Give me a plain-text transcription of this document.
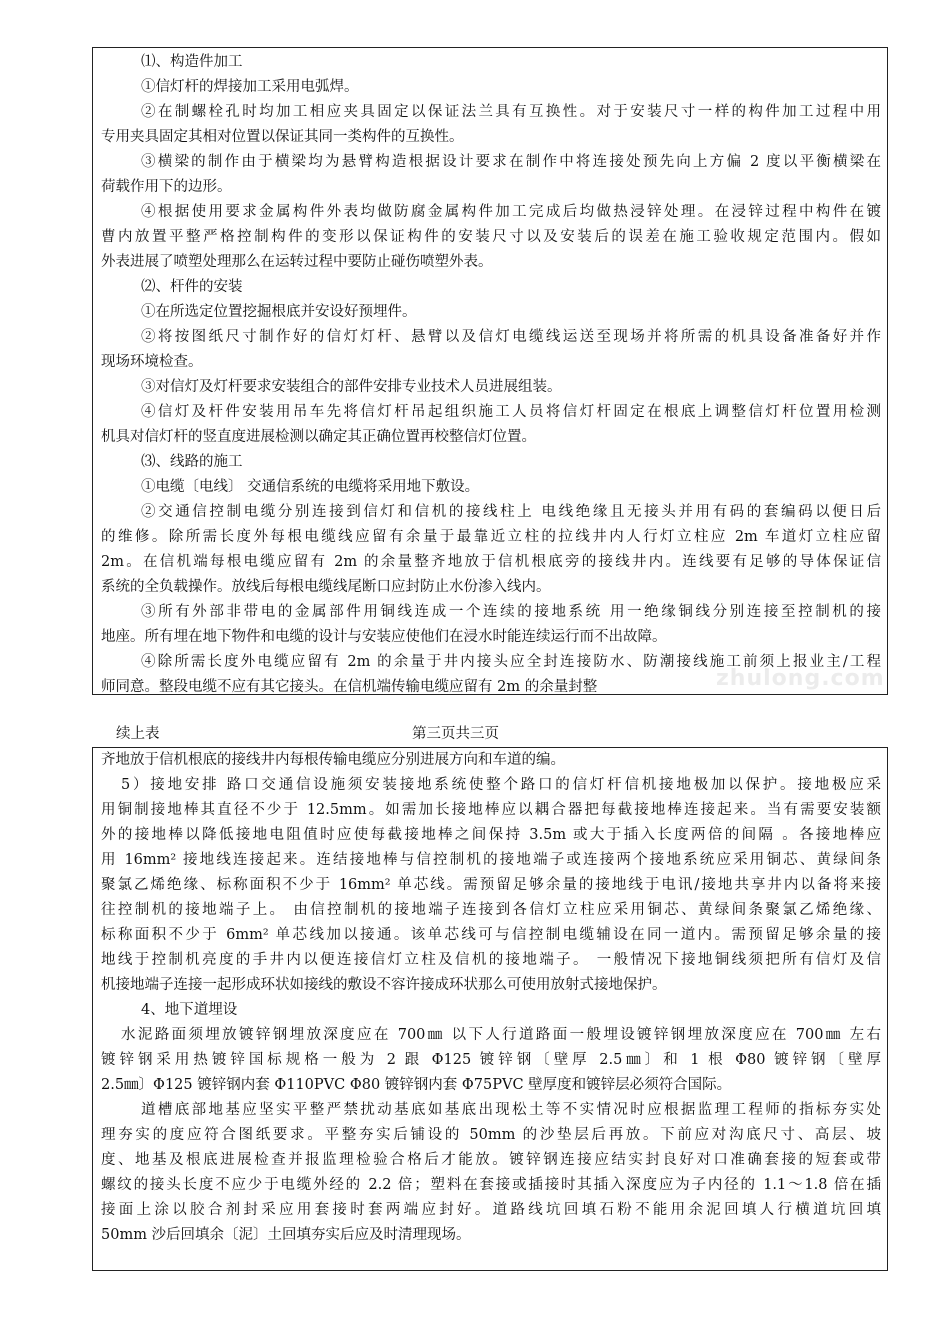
⑴、构造件加工
①信灯杆的焊接加工采用电弧焊。
②在制螺栓孔时均加工相应夹具固定以保证法兰具有互换性。对于安装尺寸一样的构件加工过程中用
专用夹具固定其相对位置以保证其同一类构件的互换性。
③横梁的制作由于横梁均为悬臂构造根据设计要求在制作中将连接处预先向上方偏 2 度以平衡横梁在
荷载作用下的边形。
④根据使用要求金属构件外表均做防腐金属构件加工完成后均做热浸锌处理。在浸锌过程中构件在镀
曹内放置平整严格控制构件的变形以保证构件的安装尺寸以及安装后的误差在施工验收规定范围内。假如
外表进展了喷塑处理那么在运转过程中要防止碰伤喷塑外表。
⑵、杆件的安装
①在所选定位置挖掘根底并安设好预埋件。
②将按图纸尺寸制作好的信灯灯杆、悬臂以及信灯电缆线运送至现场并将所需的机具设备准备好并作
现场环境检查。
③对信灯及灯杆要求安装组合的部件安排专业技术人员进展组装。
④信灯及杆件安装用吊车先将信灯杆吊起组织施工人员将信灯杆固定在根底上调整信灯杆位置用检测
机具对信灯杆的竖直度进展检测以确定其正确位置再校整信灯位置。
⑶、线路的施工
①电缆〔电线〕 交通信系统的电缆将采用地下敷设。
②交通信控制电缆分别连接到信灯和信机的接线柱上 电线绝缘且无接头并用有码的套编码以便日后
的维修。除所需长度外每根电缆线应留有余量于最靠近立柱的拉线井内人行灯立柱应 2m 车道灯立柱应留
2m。在信机端每根电缆应留有 2m 的余量整齐地放于信机根底旁的接线井内。连线要有足够的导体保证信
系统的全负载操作。放线后每根电缆线尾断口应封防止水份渗入线内。
③所有外部非带电的金属部件用铜线连成一个连续的接地系统 用一绝缘铜线分别连接至控制机的接
地座。所有埋在地下物件和电缆的设计与安装应使他们在浸水时能连续运行而不出故障。
④除所需长度外电缆应留有 2m 的余量于井内接头应全封连接防水、防潮接线施工前须上报业主/工程
师同意。整段电缆不应有其它接头。在信机端传输电缆应留有 2m 的余量封整
续上表	第三页共三页
齐地放于信机根底的接线井内每根传输电缆应分别进展方向和车道的编。
5）接地安排 路口交通信设施须安装接地系统使整个路口的信灯杆信机接地极加以保护。接地极应采
用铜制接地棒其直径不少于 12.5mm。如需加长接地棒应以耦合器把每截接地棒连接起来。当有需要安装额
外的接地棒以降低接地电阻值时应使每截接地棒之间保持 3.5m 或大于插入长度两倍的间隔 。各接地棒应
用 16mm² 接地线连接起来。连结接地棒与信控制机的接地端子或连接两个接地系统应采用铜芯、黄绿间条
聚氯乙烯绝缘、标称面积不少于 16mm² 单芯线。需预留足够余量的接地线于电讯/接地共享井内以备将来接
往控制机的接地端子上。 由信控制机的接地端子连接到各信灯立柱应采用铜芯、黄绿间条聚氯乙烯绝缘、
标称面积不少于 6mm² 单芯线加以接通。该单芯线可与信控制电缆辅设在同一道内。需预留足够余量的接
地线于控制机亮度的手井内以便连接信灯立柱及信机的接地端子。 一般情况下接地铜线须把所有信灯及信
机接地端子连接一起形成环状如接线的敷设不容许接成环状那么可使用放射式接地保护。
4、地下道埋设
水泥路面须埋放镀锌钢埋放深度应在 700㎜ 以下人行道路面一般埋设镀锌钢埋放深度应在 700㎜ 左右
镀锌钢采用热镀锌国标规格一般为 2 跟 Φ125 镀锌钢〔壁厚 2.5㎜〕和 1 根 Φ80 镀锌钢〔壁厚
2.5㎜〕Φ125 镀锌钢内套 Φ110PVC Φ80 镀锌钢内套 Φ75PVC 壁厚度和镀锌层必须符合国际。
道槽底部地基应坚实平整严禁扰动基底如基底出现松土等不实情况时应根据监理工程师的指标夯实处
理夯实的度应符合图纸要求。平整夯实后铺设的 50mm 的沙垫层后再放。下前应对沟底尺寸、高层、坡
度、地基及根底进展检查并报监理检验合格后才能放。镀锌钢连接应结实封良好对口准确套接的短套或带
螺纹的接头长度不应少于电缆外经的 2.2 倍；塑料在套接或插接时其插入深度应为子内径的 1.1～1.8 倍在插
接面上涂以胶合剂封采应用套接时套两端应封好。道路线坑回填石粉不能用余泥回填人行横道坑回填
50mm 沙后回填余〔泥〕土回填夯实后应及时清理现场。
zhulong.com
